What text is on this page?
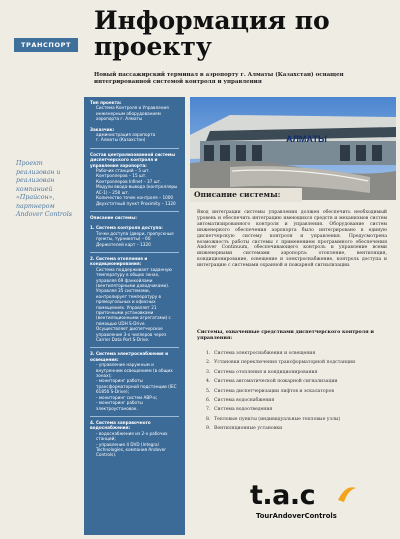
ТРАНСПОРТ
Информация по проекту
Новый пассажирский терминал в аэропорту г. Алматы (Казахстан) оснащен интегрированной системой контроля и управления
Проект реализован и реализован компанией «Прайсон», партнером Andover Controls
Тип проекта:
Система Контроля и Управления
инженерным оборудованием
аэропорта г. Алматы
Заказчик:
администрация аэропорта
г. Алматы (Казахстан)
Состав централизованной системы диспетчерского контроля и управления аэропорта:
Рабочих станций – 5 шт.
Контроллеров – 15 шт.
Контроллеров Infinet – 37 шт.
Модули ввода-вывода (контроллеры AC-1) – 250 шт.
Количество точек контроля – 1000
Двухстатный пункт Proximity – 1320
Описание системы:
1. Система контроля доступа:
Точки доступа (двери, пропускные пункты, турникеты) – 60
Держателей карт – 1320
2. Система отопления и кондиционирования:
Система поддерживает заданную температуру в общих зонах, управляя 69 фанкойлами (вентиляторными доводчиками). Управляя 35 системами, контролирует температуру в прямоугольных и офисных помещениях. Управляет 21 приточными установками (вентиляционными агрегатами) с помощью UDH S-Drive. Осуществляет диспетчерское управление 3-х чиллеров через Carrier Data Port S-Drive.
3. Система электроснабжения и освещения:
- управление наружным и внутренним освещением (в общих зонах);
- мониторинг работы трансформаторной подстанции (IEC 61850 S-Drive);
- мониторинг систем ABP-а;
- мониторинг работы электроустановок.
4. Система заправочного водоснабжения:
- водоснабжение из 2-х рабочих станций;
- управление 4 DVD (Integral Technologies, компания Andover Controls).
АЛМАТЫ
Описание системы:
Ввод интеграции системы управления должен обеспечить необходимый уровень и обеспечить интеграцию имеющихся средств и механизмов систем автоматизированного контроля и управления. Оборудование систем инженерного обеспечения аэропорта было интегрировано в единую диспетчерскую систему контроля и управления. Предусмотрена возможность работы системы с применением программного обеспечения Andover Continuum, обеспечивающего контроль и управление всеми инженерными системами аэропорта: отопление, вентиляция, кондиционирование, освещение и электроснабжение, контроль доступа и интеграцию с системами охранной и пожарной сигнализации.
Системы, охваченные средствами диспетчерского контроля и управления:
1. Система электроснабжения и освещения
2. Установки переключения трансформаторной подстанции
3. Система отопления и кондиционирования
4. Система автоматической пожарной сигнализации
5. Система диспетчеризации лифтов и эскалаторов
6. Система водоснабжения
7. Система водоотведения
8. Тепловые пункты (индивидуальные тепловые узлы)
9. Вентиляционные установки
t.a.c
TourAndoverControls
